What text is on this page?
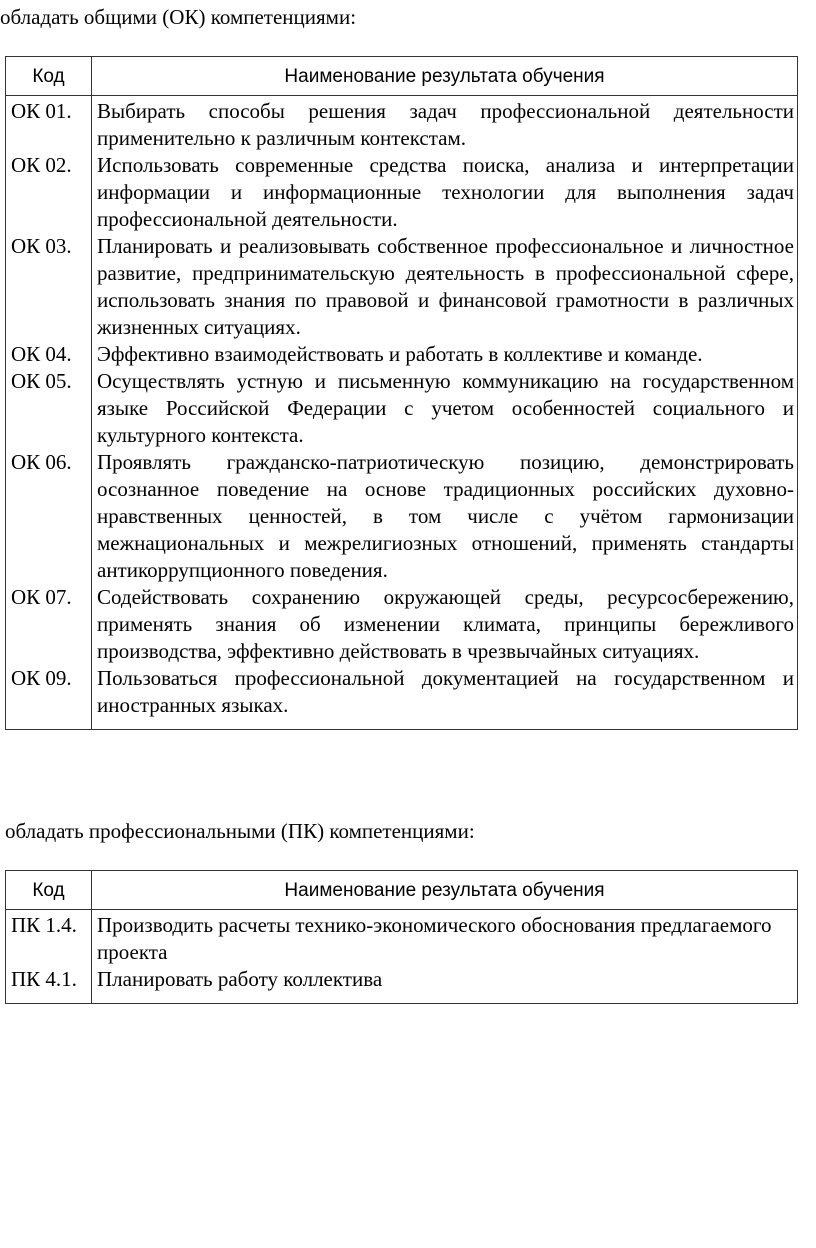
обладать общими (ОК) компетенциями:

Код	Наименование результата обучения
ОК 01.	Выбирать способы решения задач профессиональной деятельности применительно к различным контекстам.
ОК 02.	Использовать современные средства поиска, анализа и интерпретации информации и информационные технологии для выполнения задач профессиональной деятельности.
ОК 03.	Планировать и реализовывать собственное профессиональное и личностное развитие, предпринимательскую деятельность в профессиональной сфере, использовать знания по правовой и финансовой грамотности в различных жизненных ситуациях.
ОК 04.	Эффективно взаимодействовать и работать в коллективе и команде.
ОК 05.	Осуществлять устную и письменную коммуникацию на государственном языке Российской Федерации с учетом особенностей социального и культурного контекста.
ОК 06.	Проявлять гражданско-патриотическую позицию, демонстрировать осознанное поведение на основе традиционных российских духовно-нравственных ценностей, в том числе с учётом гармонизации межнациональных и межрелигиозных отношений, применять стандарты антикоррупционного поведения.
ОК 07.	Содействовать сохранению окружающей среды, ресурсосбережению, применять знания об изменении климата, принципы бережливого производства, эффективно действовать в чрезвычайных ситуациях.
ОК 09.	Пользоваться профессиональной документацией на государственном и иностранных языках.

обладать профессиональными (ПК) компетенциями:

Код	Наименование результата обучения
ПК 1.4.	Производить расчеты технико-экономического обоснования предлагаемого проекта
ПК 4.1.	Планировать работу коллектива
